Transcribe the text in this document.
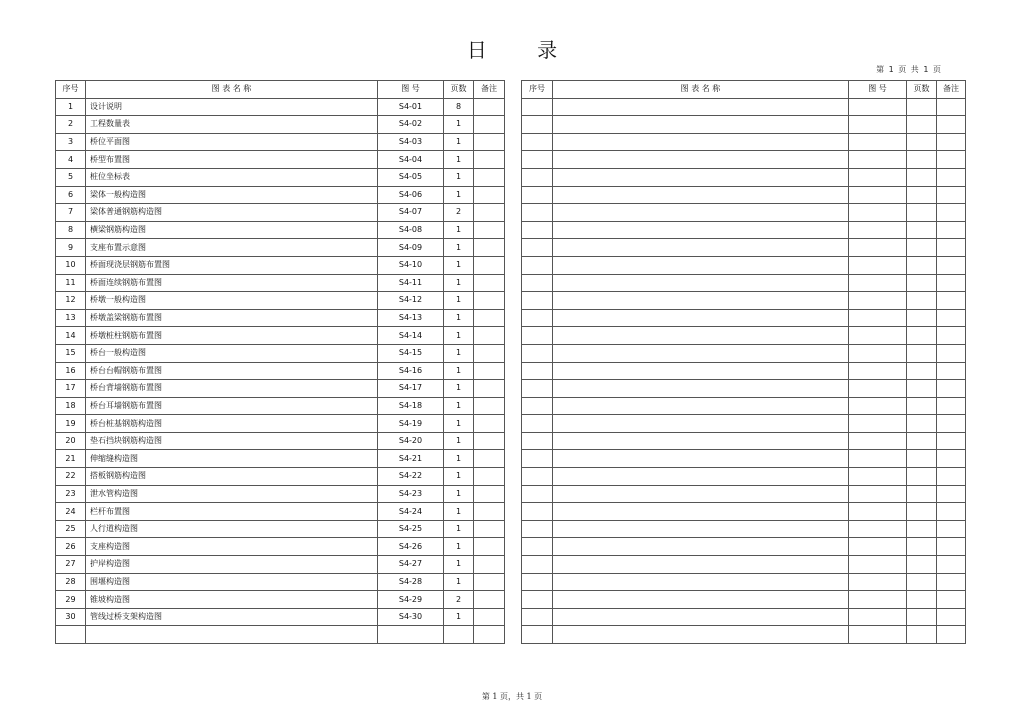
日 录
第 1 页 共 1 页
序号	图 表 名 称	图 号	页数	备注
1	设计说明	S4-01	8	
2	工程数量表	S4-02	1	
3	桥位平面图	S4-03	1	
4	桥型布置图	S4-04	1	
5	桩位坐标表	S4-05	1	
6	梁体一般构造图	S4-06	1	
7	梁体普通钢筋构造图	S4-07	2	
8	横梁钢筋构造图	S4-08	1	
9	支座布置示意图	S4-09	1	
10	桥面现浇层钢筋布置图	S4-10	1	
11	桥面连续钢筋布置图	S4-11	1	
12	桥墩一般构造图	S4-12	1	
13	桥墩盖梁钢筋布置图	S4-13	1	
14	桥墩桩柱钢筋布置图	S4-14	1	
15	桥台一般构造图	S4-15	1	
16	桥台台帽钢筋布置图	S4-16	1	
17	桥台背墙钢筋布置图	S4-17	1	
18	桥台耳墙钢筋布置图	S4-18	1	
19	桥台桩基钢筋构造图	S4-19	1	
20	垫石挡块钢筋构造图	S4-20	1	
21	伸缩缝构造图	S4-21	1	
22	搭板钢筋构造图	S4-22	1	
23	泄水管构造图	S4-23	1	
24	栏杆布置图	S4-24	1	
25	人行道构造图	S4-25	1	
26	支座构造图	S4-26	1	
27	护岸构造图	S4-27	1	
28	围堰构造图	S4-28	1	
29	锥坡构造图	S4-29	2	
30	管线过桥支架构造图	S4-30	1	

序号	图 表 名 称	图 号	页数	备注

第 1 页，共 1 页
